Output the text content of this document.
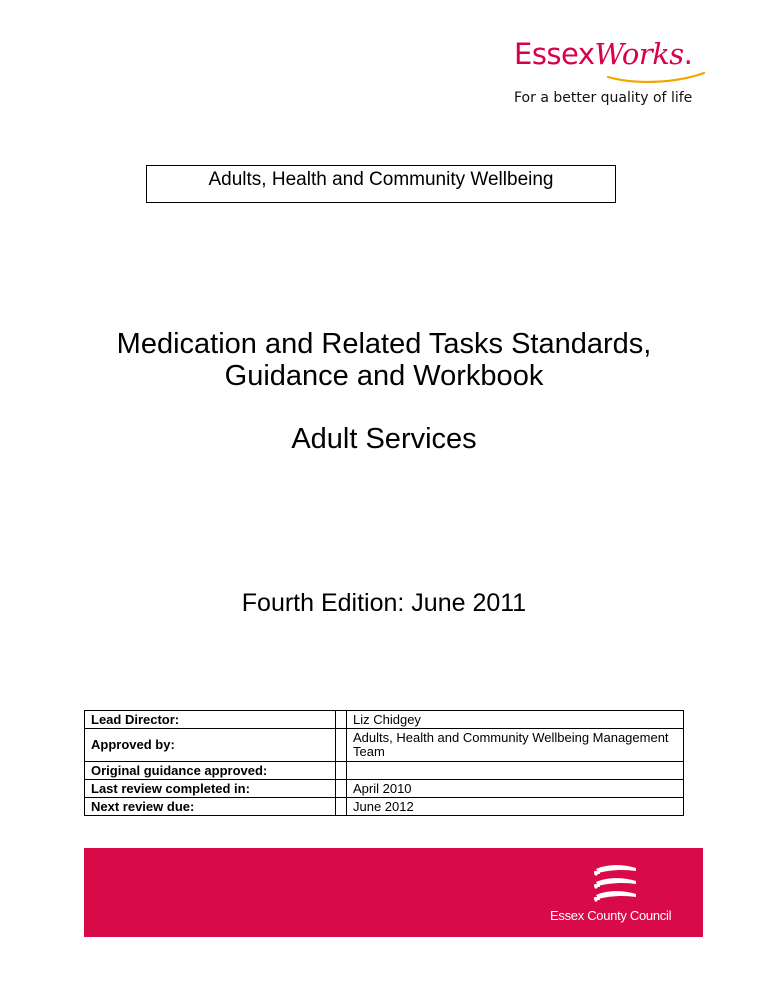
EssexWorks.
For a better quality of life
Adults, Health and Community Wellbeing
Medication and Related Tasks Standards,
Guidance and Workbook
Adult Services
Fourth Edition: June 2011
Lead Director:		Liz Chidgey
Approved by:		Adults, Health and Community Wellbeing Management Team
Original guidance approved:		
Last review completed in:		April 2010
Next review due:		June 2012
Essex County Council
